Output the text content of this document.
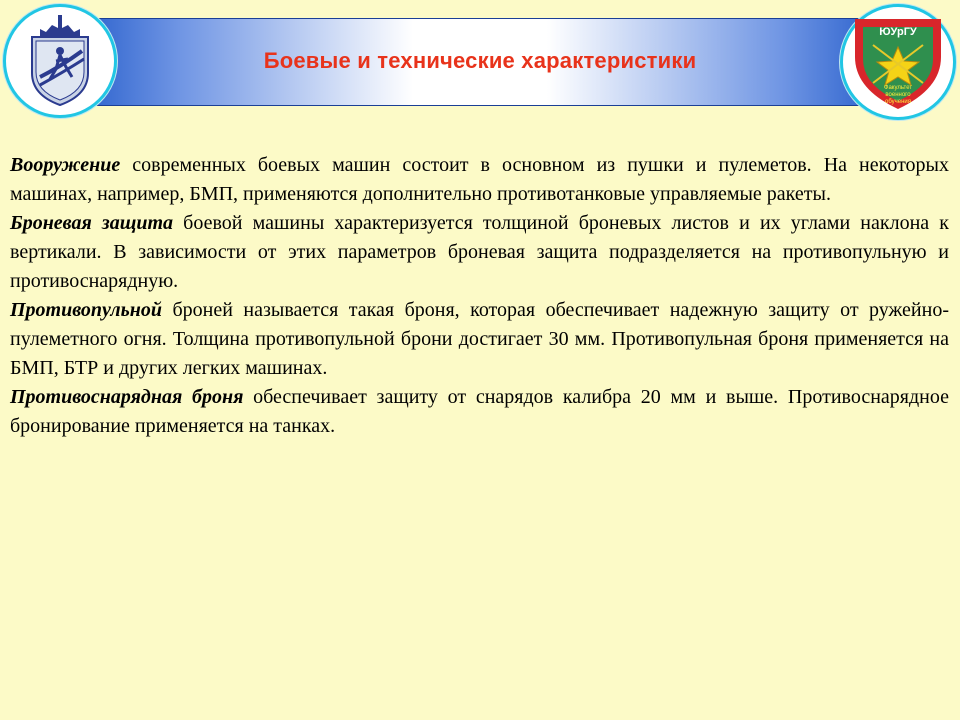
Боевые и технические характеристики
ЮУрГУ
Факультет
военного
обучения

Вооружение современных боевых машин состоит в основном из пушки и пулеметов. На некоторых машинах, например, БМП, применяются дополнительно противотанковые управляемые ракеты.

Броневая защита боевой машины характеризуется толщиной броневых листов и их углами наклона к вертикали. В зависимости от этих параметров броневая защита подразделяется на противопульную и противоснарядную.

Противопульной броней называется такая броня, которая обеспечивает надежную защиту от ружейно-пулеметного огня. Толщина противопульной брони достигает 30 мм. Противопульная броня применяется на БМП, БТР и других легких машинах.

Противоснарядная броня обеспечивает защиту от снарядов калибра 20 мм и выше. Противоснарядное бронирование применяется на танках.
